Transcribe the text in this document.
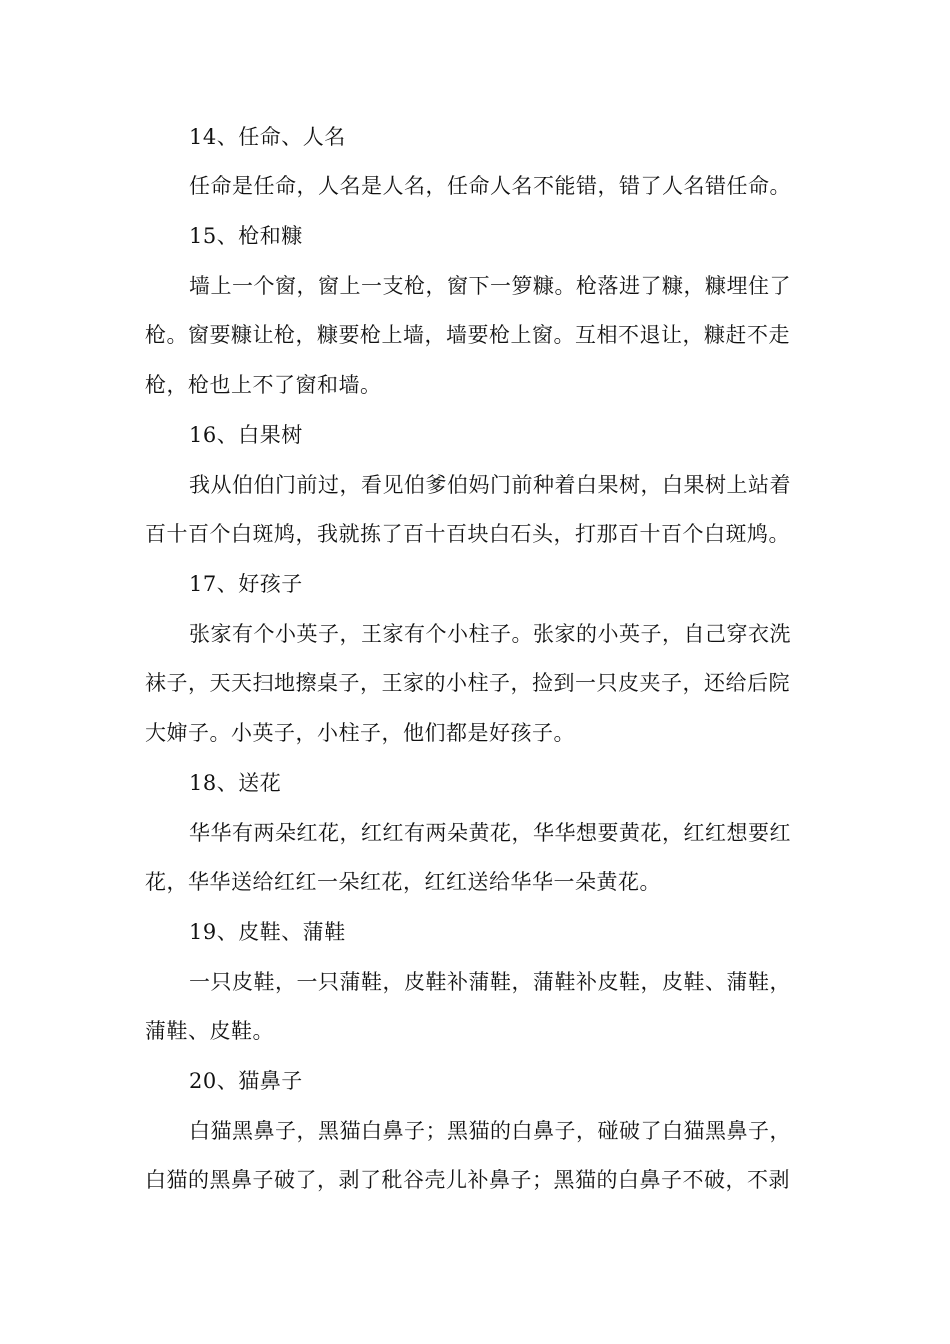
14、任命、人名
任命是任命，人名是人名，任命人名不能错，错了人名错任命。
15、枪和糠
墙上一个窗，窗上一支枪，窗下一箩糠。枪落进了糠，糠埋住了
枪。窗要糠让枪，糠要枪上墙，墙要枪上窗。互相不退让，糠赶不走
枪，枪也上不了窗和墙。
16、白果树
我从伯伯门前过，看见伯爹伯妈门前种着白果树，白果树上站着
百十百个白斑鸠，我就拣了百十百块白石头，打那百十百个白斑鸠。
17、好孩子
张家有个小英子，王家有个小柱子。张家的小英子，自己穿衣洗
袜子，天天扫地擦桌子，王家的小柱子，捡到一只皮夹子，还给后院
大婶子。小英子，小柱子，他们都是好孩子。
18、送花
华华有两朵红花，红红有两朵黄花，华华想要黄花，红红想要红
花，华华送给红红一朵红花，红红送给华华一朵黄花。
19、皮鞋、蒲鞋
一只皮鞋，一只蒲鞋，皮鞋补蒲鞋，蒲鞋补皮鞋，皮鞋、蒲鞋，
蒲鞋、皮鞋。
20、猫鼻子
白猫黑鼻子，黑猫白鼻子；黑猫的白鼻子，碰破了白猫黑鼻子，
白猫的黑鼻子破了，剥了秕谷壳儿补鼻子；黑猫的白鼻子不破，不剥
